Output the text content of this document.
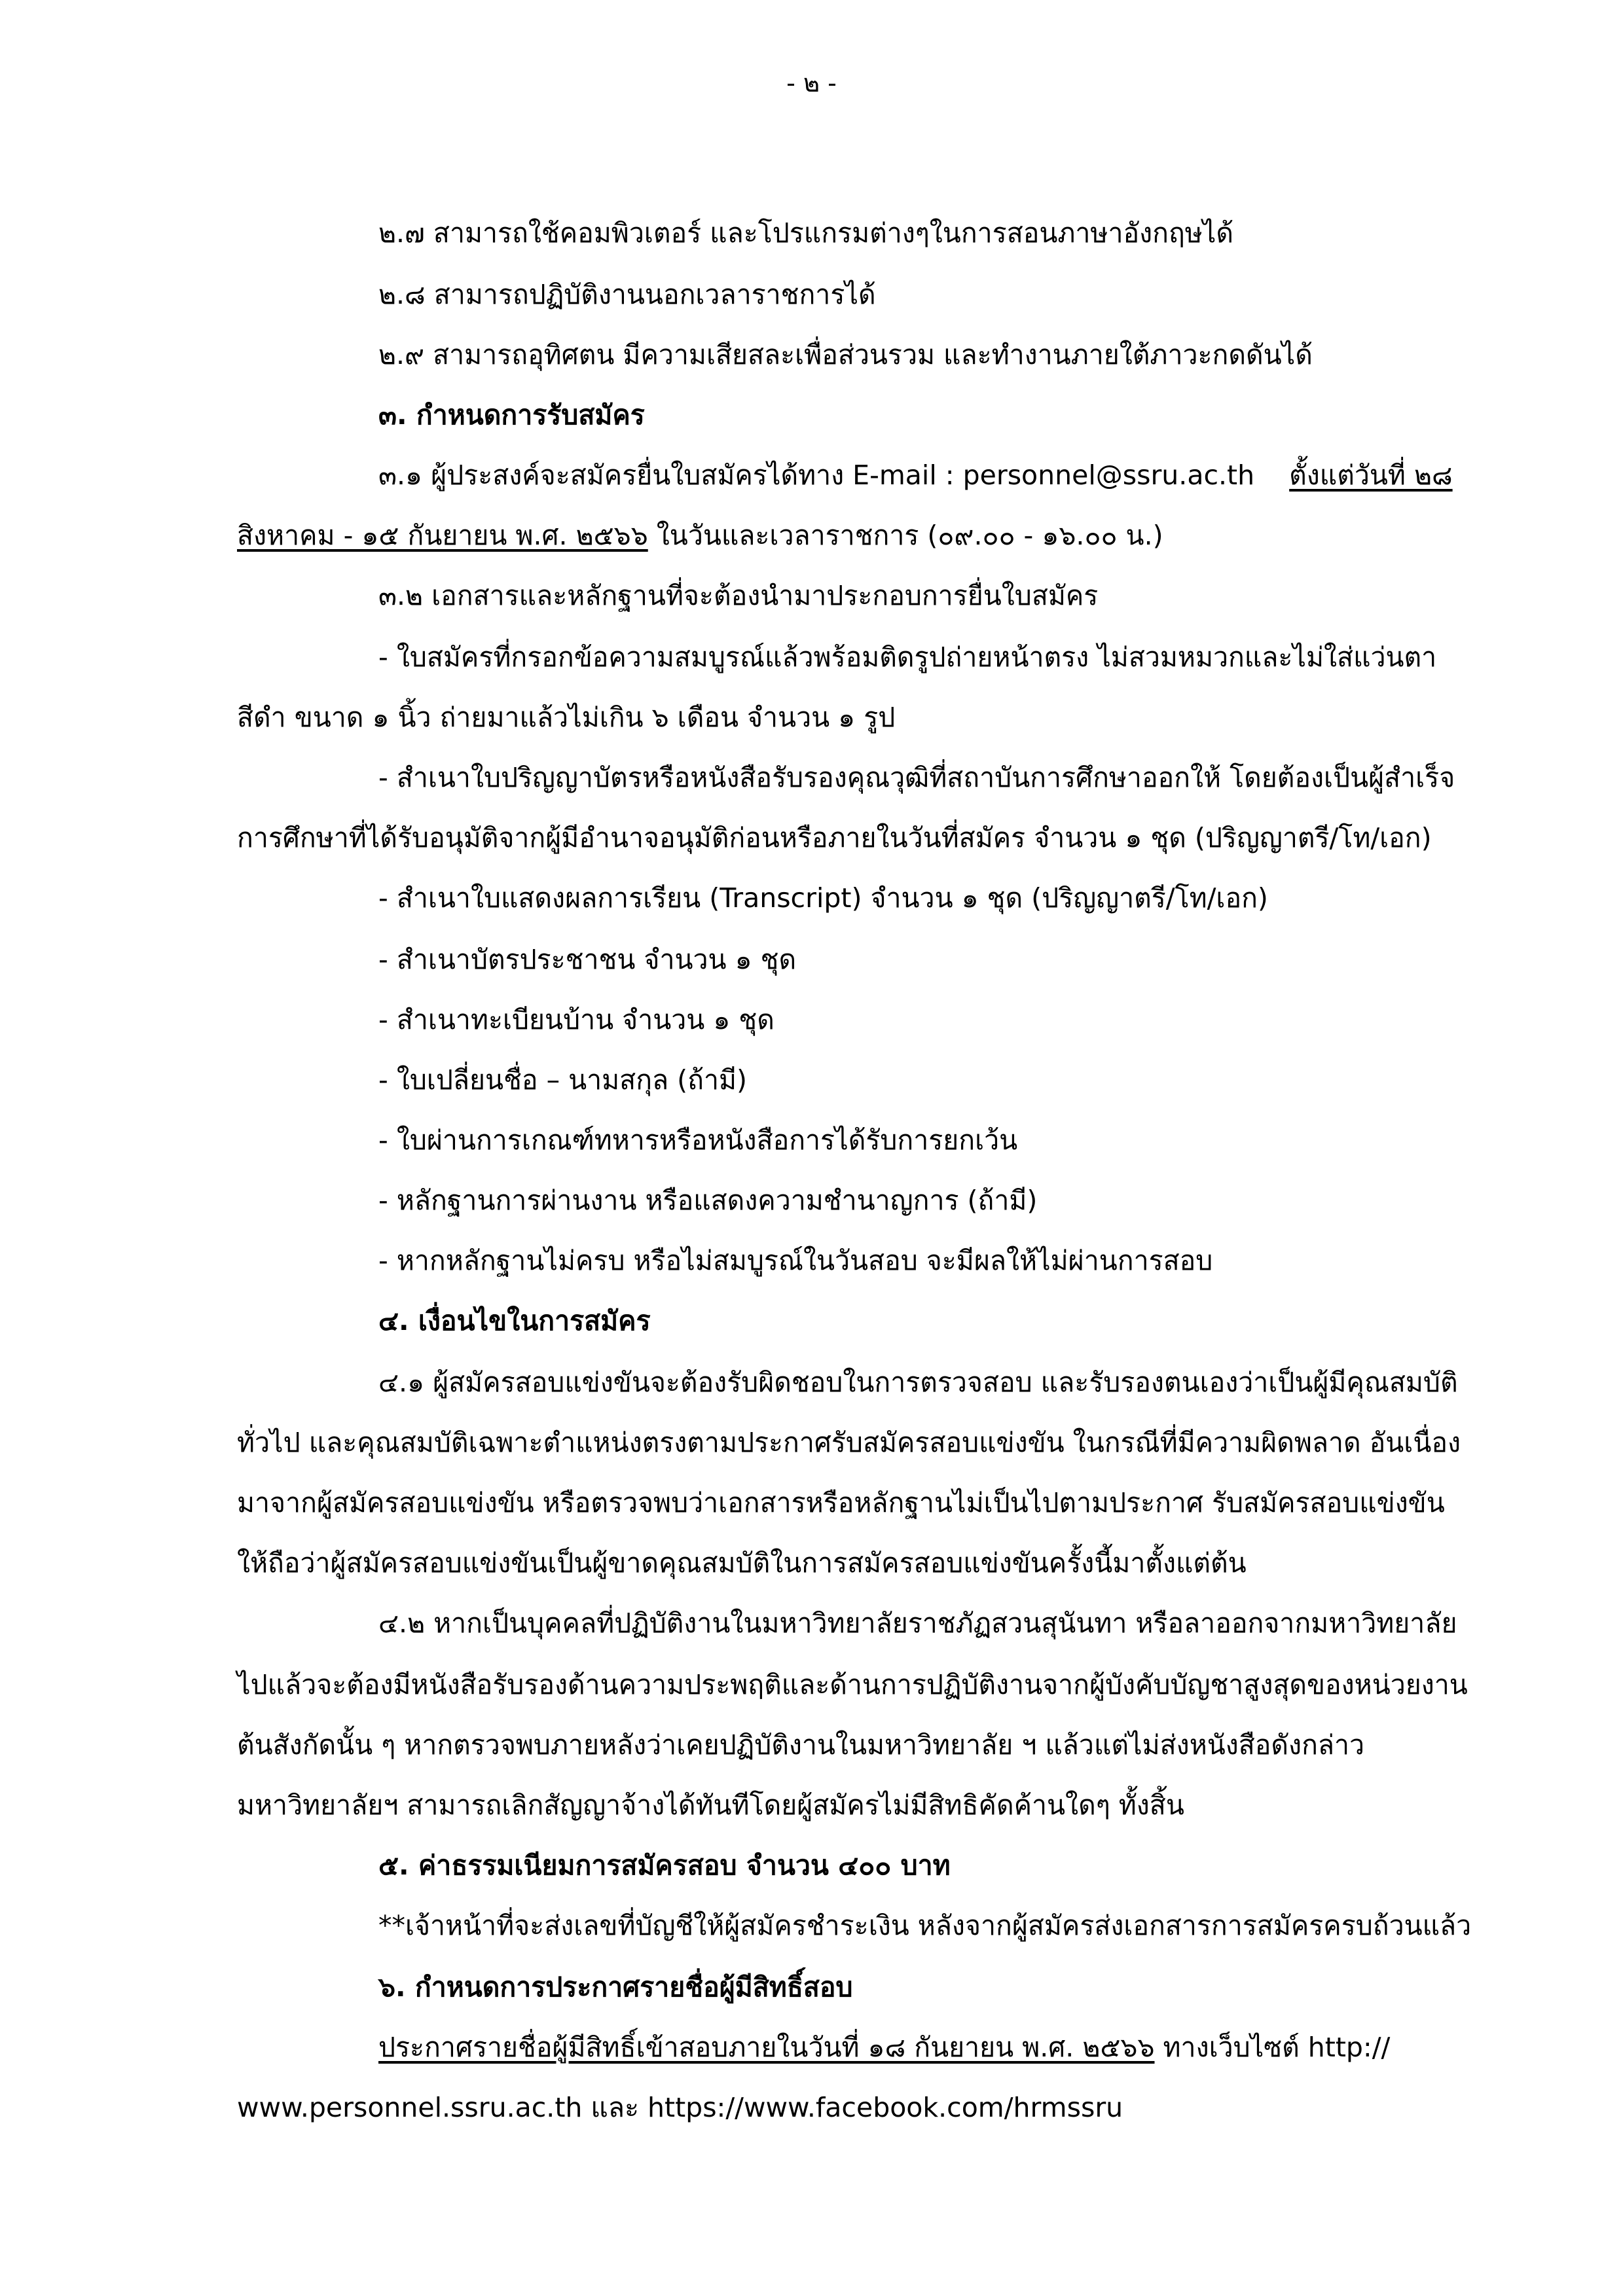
- ๒ -
๒.๗ สามารถใช้คอมพิวเตอร์ และโปรแกรมต่างๆในการสอนภาษาอังกฤษได้
๒.๘ สามารถปฏิบัติงานนอกเวลาราชการได้
๒.๙ สามารถอุทิศตน มีความเสียสละเพื่อส่วนรวม และทำงานภายใต้ภาวะกดดันได้
๓. กำหนดการรับสมัคร
๓.๑ ผู้ประสงค์จะสมัครยื่นใบสมัครได้ทาง E-mail : personnel@ssru.ac.th ตั้งแต่วันที่ ๒๘
สิงหาคม - ๑๕ กันยายน พ.ศ. ๒๕๖๖ ในวันและเวลาราชการ (๐๙.๐๐ - ๑๖.๐๐ น.)
๓.๒ เอกสารและหลักฐานที่จะต้องนำมาประกอบการยื่นใบสมัคร
- ใบสมัครที่กรอกข้อความสมบูรณ์แล้วพร้อมติดรูปถ่ายหน้าตรง ไม่สวมหมวกและไม่ใส่แว่นตา
สีดำ ขนาด ๑ นิ้ว ถ่ายมาแล้วไม่เกิน ๖ เดือน จำนวน ๑ รูป
- สำเนาใบปริญญาบัตรหรือหนังสือรับรองคุณวุฒิที่สถาบันการศึกษาออกให้ โดยต้องเป็นผู้สำเร็จ
การศึกษาที่ได้รับอนุมัติจากผู้มีอำนาจอนุมัติก่อนหรือภายในวันที่สมัคร จำนวน ๑ ชุด (ปริญญาตรี/โท/เอก)
- สำเนาใบแสดงผลการเรียน (Transcript) จำนวน ๑ ชุด (ปริญญาตรี/โท/เอก)
- สำเนาบัตรประชาชน จำนวน ๑ ชุด
- สำเนาทะเบียนบ้าน จำนวน ๑ ชุด
- ใบเปลี่ยนชื่อ – นามสกุล (ถ้ามี)
- ใบผ่านการเกณฑ์ทหารหรือหนังสือการได้รับการยกเว้น
- หลักฐานการผ่านงาน หรือแสดงความชำนาญการ (ถ้ามี)
- หากหลักฐานไม่ครบ หรือไม่สมบูรณ์ในวันสอบ จะมีผลให้ไม่ผ่านการสอบ
๔. เงื่อนไขในการสมัคร
๔.๑ ผู้สมัครสอบแข่งขันจะต้องรับผิดชอบในการตรวจสอบ และรับรองตนเองว่าเป็นผู้มีคุณสมบัติ
ทั่วไป และคุณสมบัติเฉพาะตำแหน่งตรงตามประกาศรับสมัครสอบแข่งขัน ในกรณีที่มีความผิดพลาด อันเนื่อง
มาจากผู้สมัครสอบแข่งขัน หรือตรวจพบว่าเอกสารหรือหลักฐานไม่เป็นไปตามประกาศ รับสมัครสอบแข่งขัน
ให้ถือว่าผู้สมัครสอบแข่งขันเป็นผู้ขาดคุณสมบัติในการสมัครสอบแข่งขันครั้งนี้มาตั้งแต่ต้น
๔.๒ หากเป็นบุคคลที่ปฏิบัติงานในมหาวิทยาลัยราชภัฏสวนสุนันทา หรือลาออกจากมหาวิทยาลัย
ไปแล้วจะต้องมีหนังสือรับรองด้านความประพฤติและด้านการปฏิบัติงานจากผู้บังคับบัญชาสูงสุดของหน่วยงาน
ต้นสังกัดนั้น ๆ หากตรวจพบภายหลังว่าเคยปฏิบัติงานในมหาวิทยาลัย ฯ แล้วแต่ไม่ส่งหนังสือดังกล่าว
มหาวิทยาลัยฯ สามารถเลิกสัญญาจ้างได้ทันทีโดยผู้สมัครไม่มีสิทธิคัดค้านใดๆ ทั้งสิ้น
๕. ค่าธรรมเนียมการสมัครสอบ จำนวน ๔๐๐ บาท
**เจ้าหน้าที่จะส่งเลขที่บัญชีให้ผู้สมัครชำระเงิน หลังจากผู้สมัครส่งเอกสารการสมัครครบถ้วนแล้ว
๖. กำหนดการประกาศรายชื่อผู้มีสิทธิ์สอบ
ประกาศรายชื่อผู้มีสิทธิ์เข้าสอบภายในวันที่ ๑๘ กันยายน พ.ศ. ๒๕๖๖ ทางเว็บไซต์ http://
www.personnel.ssru.ac.th และ https://www.facebook.com/hrmssru
